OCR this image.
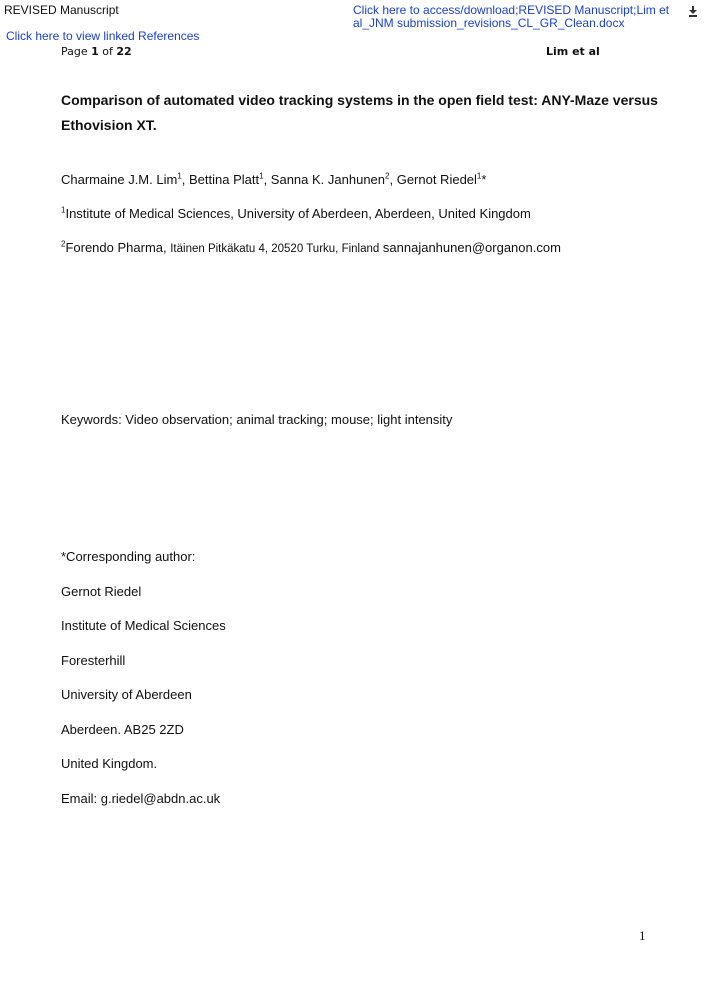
REVISED Manuscript	Click here to access/download;REVISED Manuscript;Lim et
al_JNM submission_revisions_CL_GR_Clean.docx
Click here to view linked References
Page 1 of 22	Lim et al
Comparison of automated video tracking systems in the open field test: ANY-Maze versus Ethovision XT.
Charmaine J.M. Lim$^1$, Bettina Platt$^1$, Sanna K. Janhunen$^2$, Gernot Riedel$^1$*
$^1$Institute of Medical Sciences, University of Aberdeen, Aberdeen, United Kingdom
$^2$Forendo Pharma, Itäinen Pitkäkatu 4, 20520 Turku, Finland sannajanhunen@organon.com
Keywords: Video observation; animal tracking; mouse; light intensity
*Corresponding author:
Gernot Riedel
Institute of Medical Sciences
Foresterhill
University of Aberdeen
Aberdeen. AB25 2ZD
United Kingdom.
Email: g.riedel@abdn.ac.uk
1
